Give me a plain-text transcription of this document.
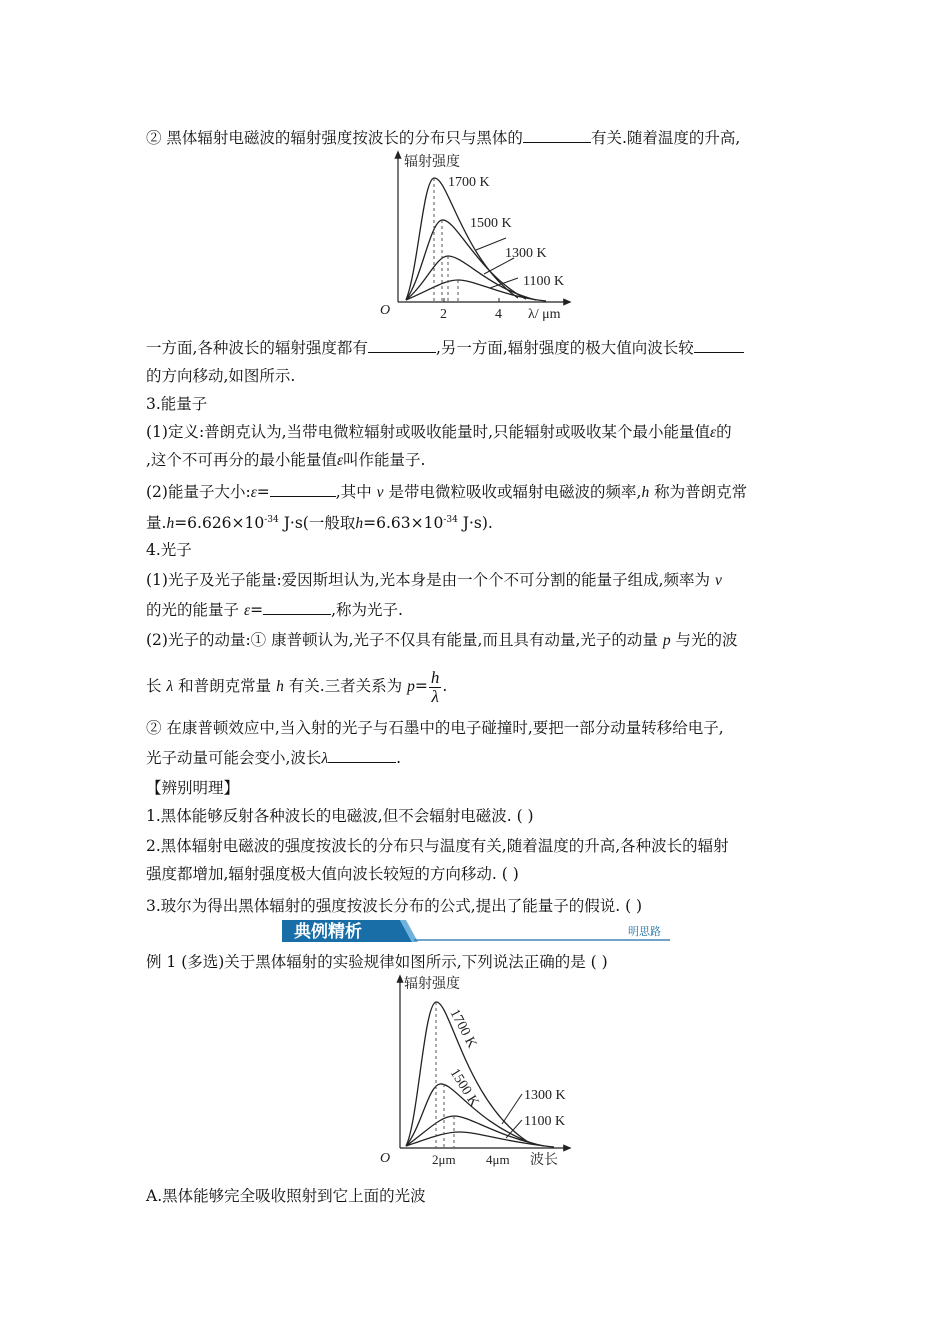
② 黑体辐射电磁波的辐射强度按波长的分布只与黑体的	有关.随着温度的升高,
辐射强度
O	λ/ μm
2	4
1700 K
1500 K
1300 K
1100 K
一方面,各种波长的辐射强度都有	,另一方面,辐射强度的极大值向波长较
的方向移动,如图所示.
3.能量子
(1)定义:普朗克认为,当带电微粒辐射或吸收能量时,只能辐射或吸收某个最小能量值ε的
,这个不可再分的最小能量值ε叫作能量子.
(2)能量子大小:ε=	,其中 ν 是带电微粒吸收或辐射电磁波的频率,h 称为普朗克常
量$.h=6.626\times 10^{-34}$ J·s(一般取$h=6.63\times 10^{-34}$ J·s).
4.光子
(1)光子及光子能量:爱因斯坦认为,光本身是由一个个不可分割的能量子组成,频率为 ν
的光的能量子 ε=	,称为光子.
(2)光子的动量:① 康普顿认为,光子不仅具有能量,而且具有动量,光子的动量 p 与光的波
长 λ 和普朗克常量 h 有关.三者关系为 $p= \frac{h}{\lambda}$ .
② 在康普顿效应中,当入射的光子与石墨中的电子碰撞时,要把一部分动量转移给电子,
光子动量可能会变小,波长λ	.
【辨别明理】
1.黑体能够反射各种波长的电磁波,但不会辐射电磁波. ( )
2.黑体辐射电磁波的强度按波长的分布只与温度有关,随着温度的升高,各种波长的辐射
强度都增加,辐射强度极大值向波长较短的方向移动. ( )
3.玻尔为得出黑体辐射的强度按波长分布的公式,提出了能量子的假说. ( )
典例精析	明思路
例 1 (多选)关于黑体辐射的实验规律如图所示,下列说法正确的是 ( )
辐射强度
O	波长
2μm 4μm
1700 K
1500 K	1300 K
1100 K
A.黑体能够完全吸收照射到它上面的光波
